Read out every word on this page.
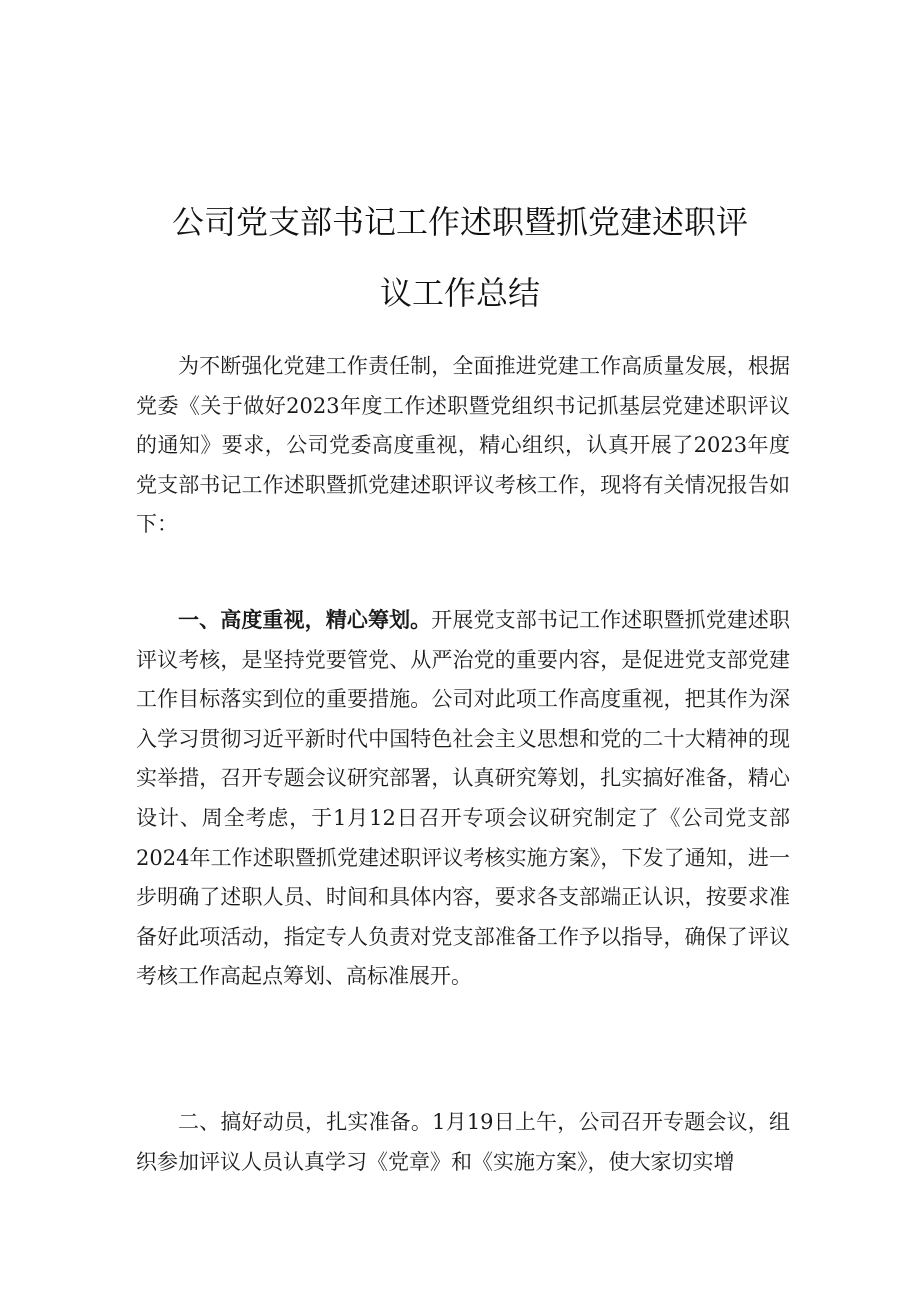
公司党支部书记工作述职暨抓党建述职评
议工作总结

为不断强化党建工作责任制，全面推进党建工作高质量发展，根据党委《关于做好2023年度工作述职暨党组织书记抓基层党建述职评议的通知》要求，公司党委高度重视，精心组织，认真开展了2023年度党支部书记工作述职暨抓党建述职评议考核工作，现将有关情况报告如下：

一、高度重视，精心筹划。开展党支部书记工作述职暨抓党建述职评议考核，是坚持党要管党、从严治党的重要内容，是促进党支部党建工作目标落实到位的重要措施。公司对此项工作高度重视，把其作为深入学习贯彻习近平新时代中国特色社会主义思想和党的二十大精神的现实举措，召开专题会议研究部署，认真研究筹划，扎实搞好准备，精心设计、周全考虑，于1月12日召开专项会议研究制定了《公司党支部2024年工作述职暨抓党建述职评议考核实施方案》，下发了通知，进一步明确了述职人员、时间和具体内容，要求各支部端正认识，按要求准备好此项活动，指定专人负责对党支部准备工作予以指导，确保了评议考核工作高起点筹划、高标准展开。

二、搞好动员，扎实准备。1月19日上午，公司召开专题会议，组织参加评议人员认真学习《党章》和《实施方案》，使大家切实增
